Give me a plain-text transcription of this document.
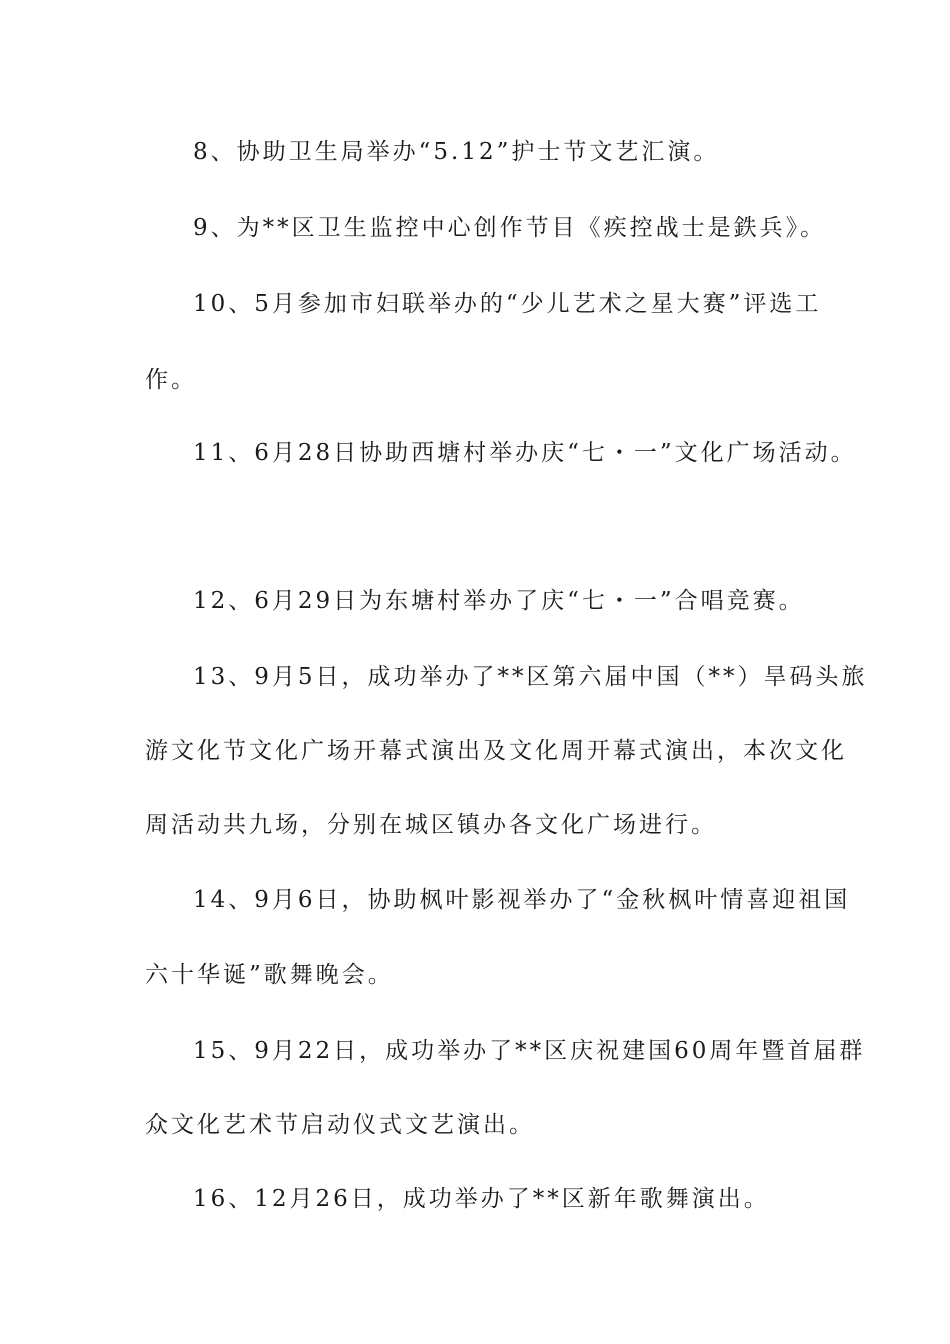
8、协助卫生局举办“5.12”护士节文艺汇演。
9、为**区卫生监控中心创作节目《疾控战士是鉄兵》。
10、5月参加市妇联举办的“少儿艺术之星大赛”评选工
作。
11、6月28日协助西塘村举办庆“七・一”文化广场活动。
12、6月29日为东塘村举办了庆“七・一”合唱竞赛。
13、9月5日，成功举办了**区第六届中国（**）旱码头旅
游文化节文化广场开幕式演出及文化周开幕式演出，本次文化
周活动共九场，分别在城区镇办各文化广场进行。
14、9月6日，协助枫叶影视举办了“金秋枫叶情喜迎祖国
六十华诞”歌舞晚会。
15、9月22日，成功举办了**区庆祝建国60周年暨首届群
众文化艺术节启动仪式文艺演出。
16、12月26日，成功举办了**区新年歌舞演出。
